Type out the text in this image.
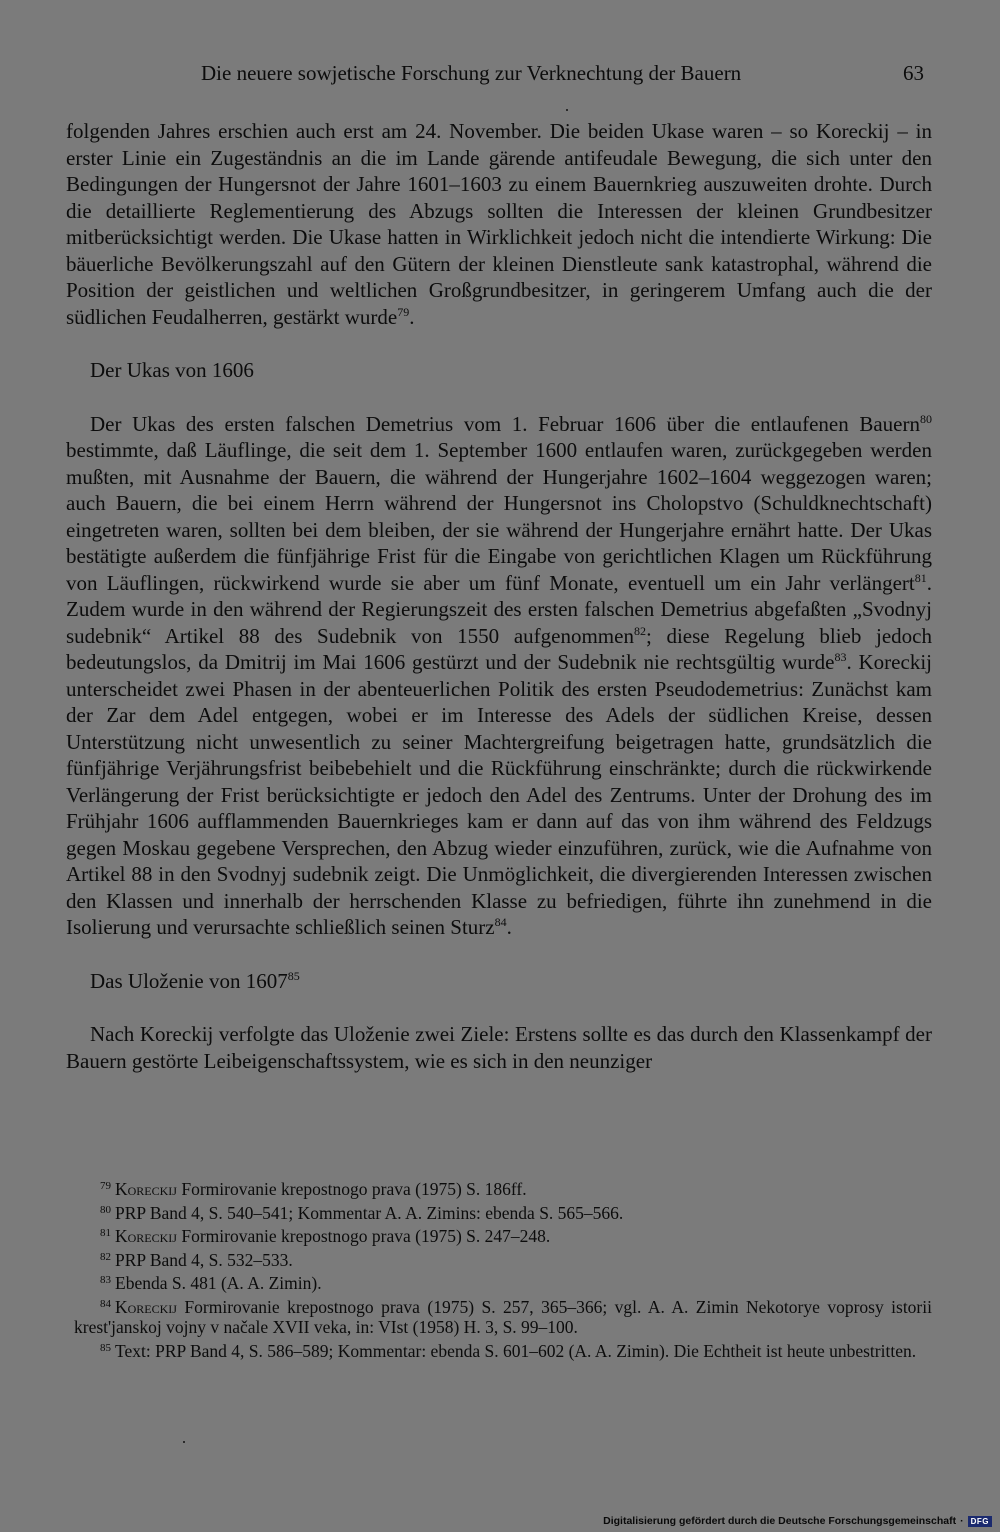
Die neuere sowjetische Forschung zur Verknechtung der Bauern	63

folgenden Jahres erschien auch erst am 24. November. Die beiden Ukase waren – so Koreckij – in erster Linie ein Zugeständnis an die im Lande gärende antifeudale Bewegung, die sich unter den Bedingungen der Hungersnot der Jahre 1601–1603 zu einem Bauernkrieg auszuweiten drohte. Durch die detaillierte Reglementierung des Abzugs sollten die Interessen der kleinen Grundbesitzer mitberücksichtigt werden. Die Ukase hatten in Wirklichkeit jedoch nicht die intendierte Wirkung: Die bäuerliche Bevölkerungszahl auf den Gütern der kleinen Dienstleute sank katastrophal, während die Position der geistlichen und weltlichen Großgrundbesitzer, in geringerem Umfang auch die der südlichen Feudalherren, gestärkt wurde$^{79}$.

Der Ukas von 1606

Der Ukas des ersten falschen Demetrius vom 1. Februar 1606 über die entlaufenen Bauern$^{80}$ bestimmte, daß Läuflinge, die seit dem 1. September 1600 entlaufen waren, zurückgegeben werden mußten, mit Ausnahme der Bauern, die während der Hungerjahre 1602–1604 weggezogen waren; auch Bauern, die bei einem Herrn während der Hungersnot ins Cholopstvo (Schuldknechtschaft) eingetreten waren, sollten bei dem bleiben, der sie während der Hungerjahre ernährt hatte. Der Ukas bestätigte außerdem die fünfjährige Frist für die Eingabe von gerichtlichen Klagen um Rückführung von Läuflingen, rückwirkend wurde sie aber um fünf Monate, eventuell um ein Jahr verlängert$^{81}$. Zudem wurde in den während der Regierungszeit des ersten falschen Demetrius abgefaßten „Svodnyj sudebnik“ Artikel 88 des Sudebnik von 1550 aufgenommen$^{82}$; diese Regelung blieb jedoch bedeutungslos, da Dmitrij im Mai 1606 gestürzt und der Sudebnik nie rechtsgültig wurde$^{83}$. Koreckij unterscheidet zwei Phasen in der abenteuerlichen Politik des ersten Pseudodemetrius: Zunächst kam der Zar dem Adel entgegen, wobei er im Interesse des Adels der südlichen Kreise, dessen Unterstützung nicht unwesentlich zu seiner Machtergreifung beigetragen hatte, grundsätzlich die fünfjährige Verjährungsfrist beibebehielt und die Rückführung einschränkte; durch die rückwirkende Verlängerung der Frist berücksichtigte er jedoch den Adel des Zentrums. Unter der Drohung des im Frühjahr 1606 aufflammenden Bauernkrieges kam er dann auf das von ihm während des Feldzugs gegen Moskau gegebene Versprechen, den Abzug wieder einzuführen, zurück, wie die Aufnahme von Artikel 88 in den Svodnyj sudebnik zeigt. Die Unmöglichkeit, die divergierenden Interessen zwischen den Klassen und innerhalb der herrschenden Klasse zu befriedigen, führte ihn zunehmend in die Isolierung und verursachte schließlich seinen Sturz$^{84}$.

Das Uloženie von 1607$^{85}$

Nach Koreckij verfolgte das Uloženie zwei Ziele: Erstens sollte es das durch den Klassenkampf der Bauern gestörte Leibeigenschaftssystem, wie es sich in den neunziger

$^{79}$ Koreckij Formirovanie krepostnogo prava (1975) S. 186ff.

$^{80}$ PRP Band 4, S. 540–541; Kommentar A. A. Zimins: ebenda S. 565–566.

$^{81}$ Koreckij Formirovanie krepostnogo prava (1975) S. 247–248.

$^{82}$ PRP Band 4, S. 532–533.

$^{83}$ Ebenda S. 481 (A. A. Zimin).

$^{84}$ Koreckij Formirovanie krepostnogo prava (1975) S. 257, 365–366; vgl. A. A. Zimin Nekotorye voprosy istorii krest'janskoj vojny v načale XVII veka, in: VIst (1958) H. 3, S. 99–100.

$^{85}$ Text: PRP Band 4, S. 586–589; Kommentar: ebenda S. 601–602 (A. A. Zimin). Die Echtheit ist heute unbestritten.

Digitalisierung gefördert durch die Deutsche Forschungsgemeinschaft · DFG
